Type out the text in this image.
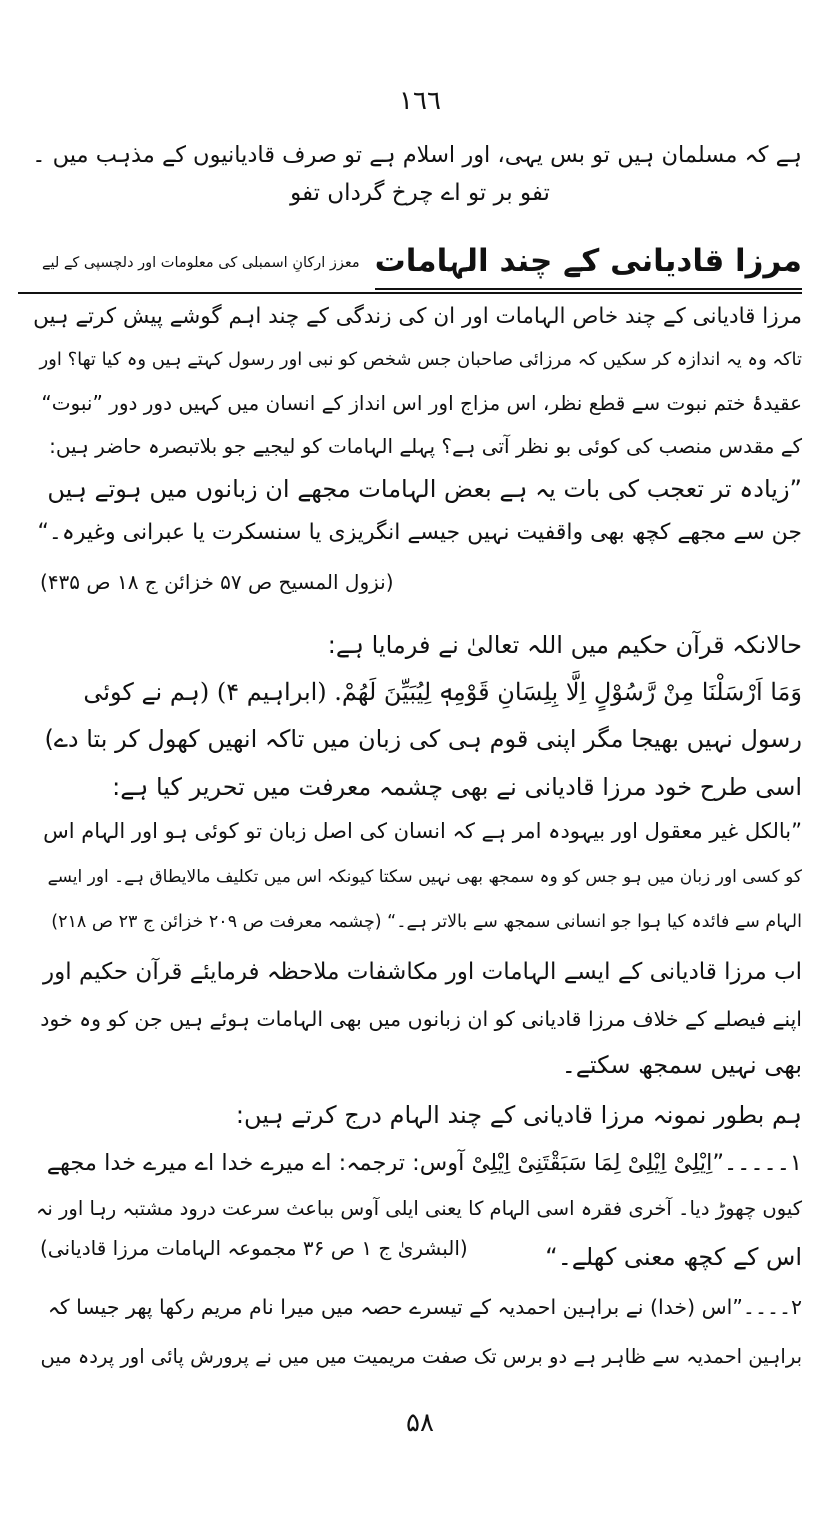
١٦٦
ہے کہ مسلمان ہیں تو بس یہی، اور اسلام ہے تو صرف قادیانیوں کے مذہب میں ۔
تفو بر تو اے چرخ گرداں تفو
مرزا قادیانی کے چند الہامات
معزز ارکانِ اسمبلی کی معلومات اور دلچسپی کے لیے
مرزا قادیانی کے چند خاص الہامات اور ان کی زندگی کے چند اہم گوشے پیش کرتے ہیں
تاکہ وہ یہ اندازہ کر سکیں کہ مرزائی صاحبان جس شخص کو نبی اور رسول کہتے ہیں وہ کیا تھا؟ اور
عقیدۂ ختم نبوت سے قطع نظر، اس مزاج اور اس انداز کے انسان میں کہیں دور دور ”نبوت“
کے مقدس منصب کی کوئی بو نظر آتی ہے؟ پہلے الہامات کو لیجیے جو بلاتبصرہ حاضر ہیں:
”زیادہ تر تعجب کی بات یہ ہے بعض الہامات مجھے ان زبانوں میں ہوتے ہیں
جن سے مجھے کچھ بھی واقفیت نہیں جیسے انگریزی یا سنسکرت یا عبرانی وغیرہ۔“
(نزول المسیح ص ۵۷ خزائن ج ۱۸ ص ۴۳۵)
حالانکہ قرآن حکیم میں اللہ تعالیٰ نے فرمایا ہے:
وَمَا اَرْسَلْنَا مِنْ رَّسُوْلٍ اِلَّا بِلِسَانِ قَوْمِهٖ لِيُبَيِّنَ لَهُمْ. (ابراہیم ۴) (ہم نے کوئی
رسول نہیں بھیجا مگر اپنی قوم ہی کی زبان میں تاکہ انھیں کھول کر بتا دے)
اسی طرح خود مرزا قادیانی نے بھی چشمہ معرفت میں تحریر کیا ہے:
”بالکل غیر معقول اور بیہودہ امر ہے کہ انسان کی اصل زبان تو کوئی ہو اور الہام اس
کو کسی اور زبان میں ہو جس کو وہ سمجھ بھی نہیں سکتا کیونکہ اس میں تکلیف مالایطاق ہے۔ اور ایسے
الہام سے فائدہ کیا ہوا جو انسانی سمجھ سے بالاتر ہے۔“ (چشمہ معرفت ص ۲۰۹ خزائن ج ۲۳ ص ۲۱۸)
اب مرزا قادیانی کے ایسے الہامات اور مکاشفات ملاحظہ فرمایئے قرآن حکیم اور
اپنے فیصلے کے خلاف مرزا قادیانی کو ان زبانوں میں بھی الہامات ہوئے ہیں جن کو وہ خود
بھی نہیں سمجھ سکتے۔
ہم بطور نمونہ مرزا قادیانی کے چند الہام درج کرتے ہیں:
۱۔۔۔۔۔”اِیْلِیْ اِیْلِیْ لِمَا سَبَقْتَنِیْ اِیْلِیْ آوس: ترجمہ: اے میرے خدا اے میرے خدا مجھے
کیوں چھوڑ دیا۔ آخری فقرہ اسی الہام کا یعنی ایلی آوس بباعث سرعت درود مشتبہ رہا اور نہ
اس کے کچھ معنی کھلے۔“
(البشریٰ ج ۱ ص ۳۶ مجموعہ الہامات مرزا قادیانی)
۲۔۔۔۔”اس (خدا) نے براہین احمدیہ کے تیسرے حصہ میں میرا نام مریم رکھا پھر جیسا کہ
براہین احمدیہ سے ظاہر ہے دو برس تک صفت مریمیت میں میں نے پرورش پائی اور پردہ میں
۵۸
